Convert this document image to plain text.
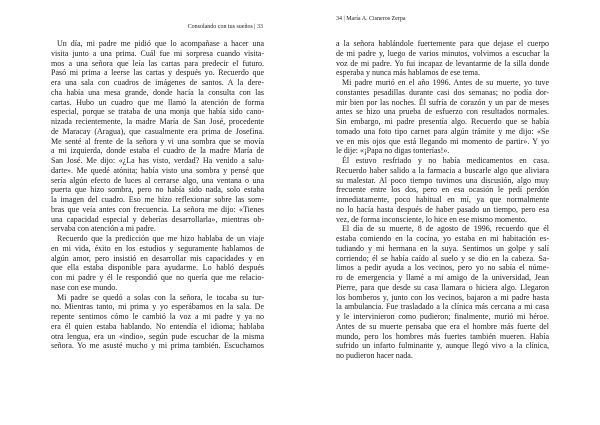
Consolando con tus sueños | 33
Un día, mi padre me pidió que lo acompañase a hacer una
visita junto a una prima. Cuál fue mi sorpresa cuando visita-
mos a una señora que leía las cartas para predecir el futuro.
Pasó mi prima a leerse las cartas y después yo. Recuerdo que
era una sala con cuadros de imágenes de santos. A la dere-
cha había una mesa grande, donde hacía la consulta con las
cartas. Hubo un cuadro que me llamó la atención de forma
especial, porque se trataba de una monja que había sido cano-
nizada recientemente, la madre María de San José, procedente
de Maracay (Aragua), que casualmente era prima de Josefina.
Me senté al frente de la señora y vi una sombra que se movía
a mi izquierda, donde estaba el cuadro de la madre María de
San José. Me dijo: «¿La has visto, verdad? Ha venido a salu-
darte». Me quedé atónita; había visto una sombra y pensé que
sería algún efecto de luces al cerrarse algo, una ventana o una
puerta que hizo sombra, pero no había sido nada, solo estaba
la imagen del cuadro. Eso me hizo reflexionar sobre las som-
bras que veía antes con frecuencia. La señora me dijo: «Tienes
una capacidad especial y deberías desarrollarla», mientras ob-
servaba con atención a mi padre.
Recuerdo que la predicción que me hizo hablaba de un viaje
en mi vida, éxito en los estudios y seguramente hablamos de
algún amor, pero insistió en desarrollar mis capacidades y en
que ella estaba disponible para ayudarme. Lo habló después
con mi padre y él le respondió que no quería que me relacio-
nase con ese mundo.
Mi padre se quedó a solas con la señora, le tocaba su tur-
no. Mientras tanto, mi prima y yo esperábamos en la sala. De
repente sentimos cómo le cambió la voz a mi padre y ya no
era él quien estaba hablando. No entendía el idioma; hablaba
otra lengua, era un «indio», según pude escuchar de la misma
señora. Yo me asusté mucho y mi prima también. Escuchamos
34 | María A. Cisneros Zerpa
a la señora hablándole fuertemente para que dejase el cuerpo
de mi padre y, luego de varios minutos, volvimos a escuchar la
voz de mi padre. Yo fui incapaz de levantarme de la silla donde
esperaba y nunca más hablamos de ese tema.
Mi padre murió en el año 1996. Antes de su muerte, yo tuve
constantes pesadillas durante casi dos semanas; no podía dor-
mir bien por las noches. Él sufría de corazón y un par de meses
antes se hizo una prueba de esfuerzo con resultados normales.
Sin embargo, mi padre presentía algo. Recuerdo que se había
tomado una foto tipo carnet para algún trámite y me dijo: «Se
ve en mis ojos que está llegando mi momento de partir». Y yo
le dije: «¡Papa no digas tonterías!».
Él estuvo resfriado y no había medicamentos en casa.
Recuerdo haber salido a la farmacia a buscarle algo que aliviara
su malestar. Al poco tiempo tuvimos una discusión, algo muy
frecuente entre los dos, pero en esa ocasión le pedí perdón
inmediatamente, poco habitual en mí, ya que normalmente
no lo hacía hasta después de haber pasado un tiempo, pero esa
vez, de forma inconsciente, lo hice en ese mismo momento.
El día de su muerte, 8 de agosto de 1996, recuerdo que él
estaba comiendo en la cocina, yo estaba en mi habitación es-
tudiando y mi hermana en la suya. Sentimos un golpe y salí
corriendo; él se había caído al suelo y se dio en la cabeza. Sa-
limos a pedir ayuda a los vecinos, pero yo no sabía el núme-
ro de emergencia y llamé a mi amigo de la universidad, Jean
Pierre, para que desde su casa llamara o hiciera algo. Llegaron
los bomberos y, junto con los vecinos, bajaron a mi padre hasta
la ambulancia. Fue trasladado a la clínica más cercana a mi casa
y le intervinieron como pudieron; finalmente, murió mi héroe.
Antes de su muerte pensaba que era el hombre más fuerte del
mundo, pero los hombres más fuertes también mueren. Había
sufrido un infarto fulminante y, aunque llegó vivo a la clínica,
no pudieron hacer nada.
